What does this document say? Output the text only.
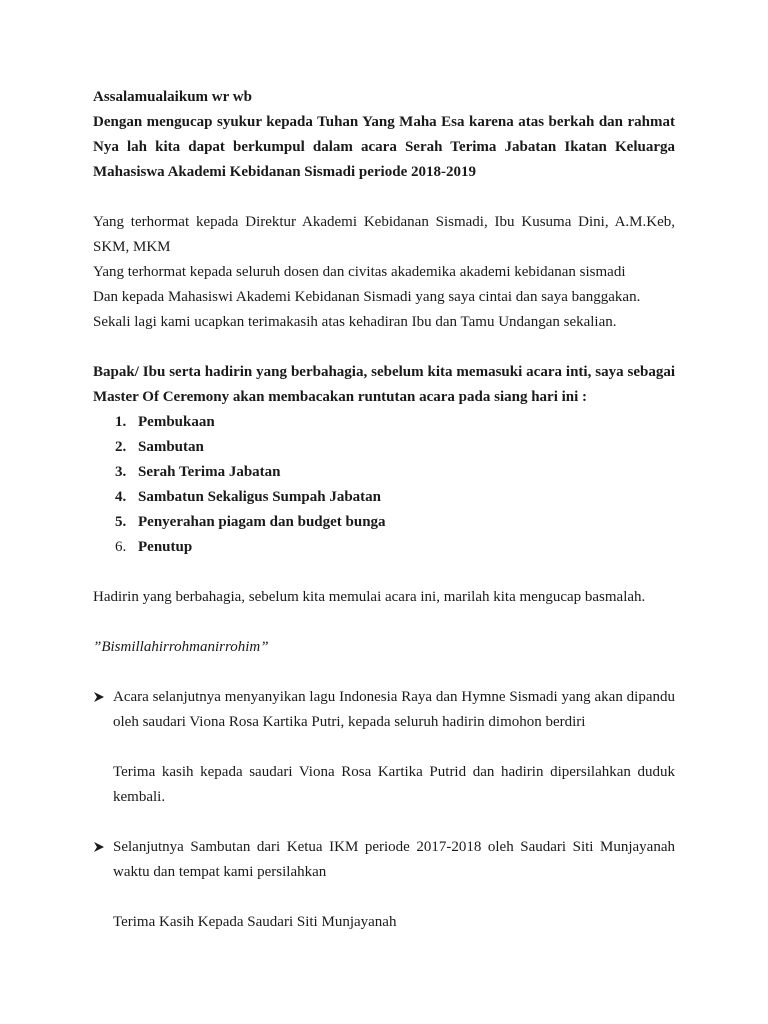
Assalamualaikum wr wb

Dengan mengucap syukur kepada Tuhan Yang Maha Esa karena atas berkah dan rahmat Nya lah kita dapat berkumpul dalam acara Serah Terima Jabatan Ikatan Keluarga Mahasiswa Akademi Kebidanan Sismadi periode 2018-2019

Yang terhormat kepada Direktur Akademi Kebidanan Sismadi, Ibu Kusuma Dini, A.M.Keb, SKM, MKM

Yang terhormat kepada seluruh dosen dan civitas akademika akademi kebidanan sismadi

Dan kepada Mahasiswi Akademi Kebidanan Sismadi yang saya cintai dan saya banggakan.

Sekali lagi kami ucapkan terimakasih atas kehadiran Ibu dan Tamu Undangan sekalian.

Bapak/ Ibu serta hadirin yang berbahagia, sebelum kita memasuki acara inti, saya sebagai Master Of Ceremony akan membacakan runtutan acara pada siang hari ini :

1. Pembukaan
2. Sambutan
3. Serah Terima Jabatan
4. Sambatun Sekaligus Sumpah Jabatan
5. Penyerahan piagam dan budget bunga
6. Penutup

Hadirin yang berbahagia, sebelum kita memulai acara ini, marilah kita mengucap basmalah.

”Bismillahirrohmanirrohim”

Acara selanjutnya menyanyikan lagu Indonesia Raya dan Hymne Sismadi yang akan dipandu oleh saudari Viona Rosa Kartika Putri, kepada seluruh hadirin dimohon berdiri

Terima kasih kepada saudari Viona Rosa Kartika Putrid dan hadirin dipersilahkan duduk kembali.

Selanjutnya Sambutan dari Ketua IKM periode 2017-2018 oleh Saudari Siti Munjayanah waktu dan tempat kami persilahkan

Terima Kasih Kepada Saudari Siti Munjayanah
